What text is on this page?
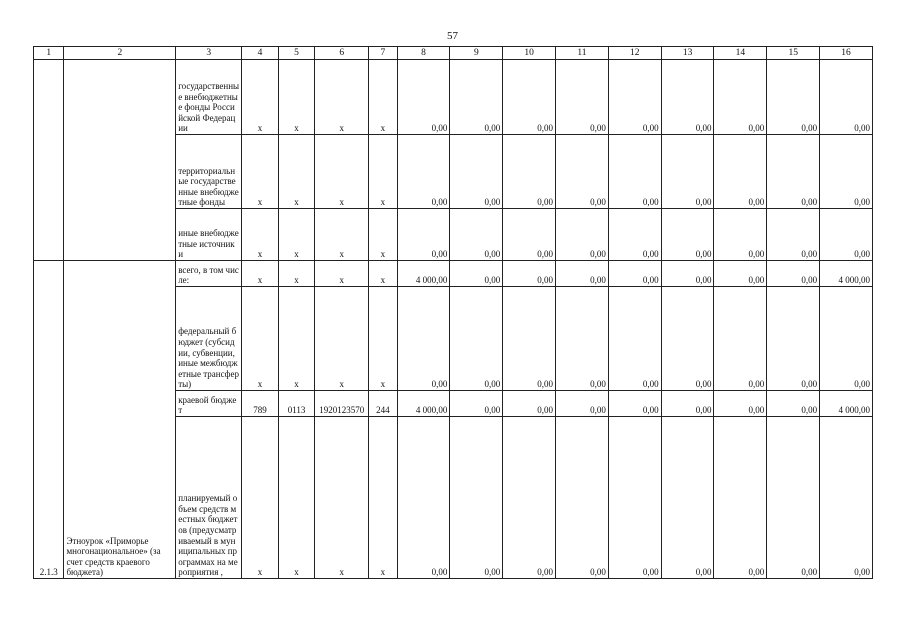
57
1	2	3	4	5	6	7	8	9	10	11	12	13	14	15	16
		государственные внебюджетные фонды Российской Федерации	x	x	x	x	0,00	0,00	0,00	0,00	0,00	0,00	0,00	0,00	0,00
		территориальные государственные внебюджетные фонды	x	x	x	x	0,00	0,00	0,00	0,00	0,00	0,00	0,00	0,00	0,00
		иные внебюджетные источники	x	x	x	x	0,00	0,00	0,00	0,00	0,00	0,00	0,00	0,00	0,00
2.1.3	Этноурок «Приморье многонациональное» (за счет средств краевого бюджета)	всего, в том числе:	x	x	x	x	4 000,00	0,00	0,00	0,00	0,00	0,00	0,00	0,00	4 000,00
		федеральный бюджет (субсидии, субвенции, иные межбюджетные трансферты)	x	x	x	x	0,00	0,00	0,00	0,00	0,00	0,00	0,00	0,00	0,00
		краевой бюджет	789	0113	1920123570	244	4 000,00	0,00	0,00	0,00	0,00	0,00	0,00	0,00	4 000,00
		планируемый объем средств местных бюджетов (предусматриваемый в муниципальных программах на мероприятия ,	x	x	x	x	0,00	0,00	0,00	0,00	0,00	0,00	0,00	0,00	0,00
